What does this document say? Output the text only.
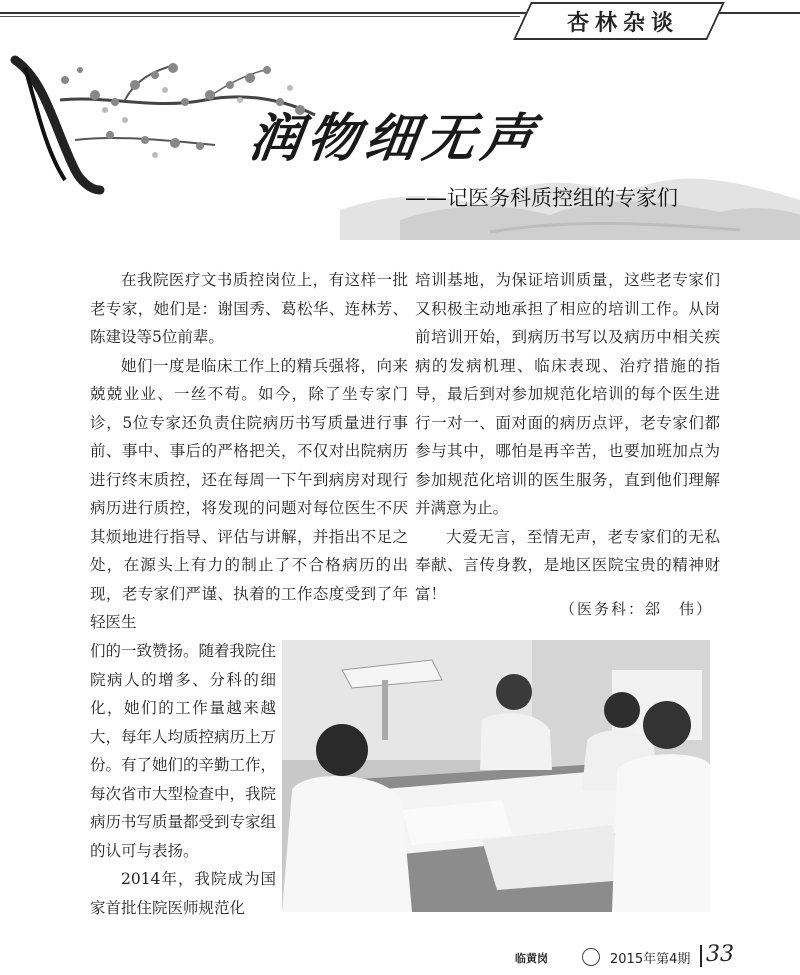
杏林杂谈
润物细无声
——记医务科质控组的专家们

在我院医疗文书质控岗位上，有这样一批老专家，她们是：谢国秀、葛松华、连林芳、陈建设等5位前辈。

她们一度是临床工作上的精兵强将，向来兢兢业业、一丝不苟。如今，除了坐专家门诊，5位专家还负责住院病历书写质量进行事前、事中、事后的严格把关，不仅对出院病历进行终末质控，还在每周一下午到病房对现行病历进行质控，将发现的问题对每位医生不厌其烦地进行指导、评估与讲解，并指出不足之处，在源头上有力的制止了不合格病历的出现，老专家们严谨、执着的工作态度受到了年轻医生

们的一致赞扬。随着我院住院病人的增多、分科的细化，她们的工作量越来越大，每年人均质控病历上万份。有了她们的辛勤工作，每次省市大型检查中，我院病历书写质量都受到专家组的认可与表扬。

2014年，我院成为国家首批住院医师规范化

培训基地，为保证培训质量，这些老专家们又积极主动地承担了相应的培训工作。从岗前培训开始，到病历书写以及病历中相关疾病的发病机理、临床表现、治疗措施的指导，最后到对参加规范化培训的每个医生进行一对一、面对面的病历点评，老专家们都参与其中，哪怕是再辛苦，也要加班加点为参加规范化培训的医生服务，直到他们理解并满意为止。

大爱无言，至情无声，老专家们的无私奉献、言传身教，是地区医院宝贵的精神财富！

（医务科：郐　伟）
临黄岗	2015年第4期 33
